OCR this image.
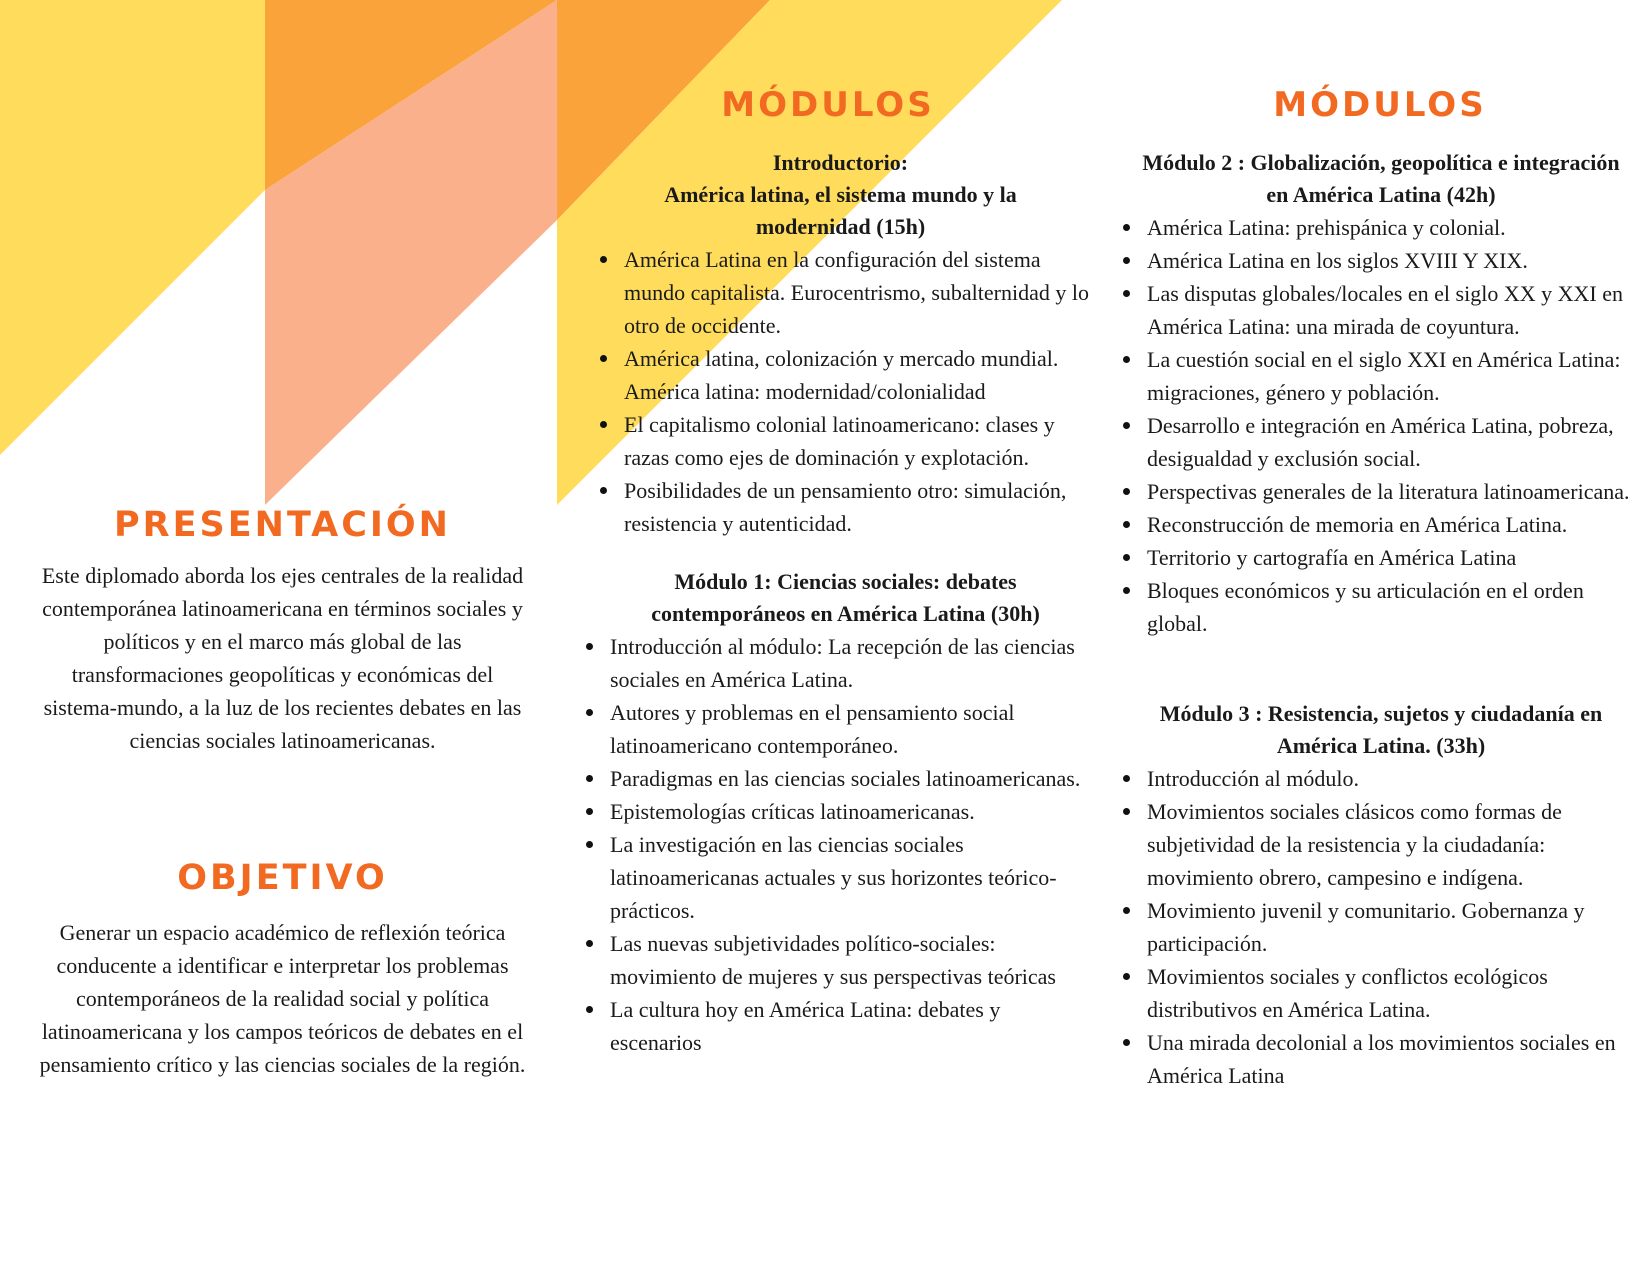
PRESENTACIÓN

Este diplomado aborda los ejes centrales de la realidad contemporánea latinoamericana en términos sociales y políticos y en el marco más global de las transformaciones geopolíticas y económicas del sistema-mundo, a la luz de los recientes debates en las ciencias sociales latinoamericanas.

OBJETIVO

Generar un espacio académico de reflexión teórica conducente a identificar e interpretar los problemas contemporáneos de la realidad social y política latinoamericana y los campos teóricos de debates en el pensamiento crítico y las ciencias sociales de la región.

MÓDULOS

Introductorio:

América latina, el sistema mundo y la modernidad (15h)

América Latina en la configuración del sistema mundo capitalista. Eurocentrismo, subalternidad y lo otro de occidente.
América latina, colonización y mercado mundial. América latina: modernidad/colonialidad
El capitalismo colonial latinoamericano: clases y razas como ejes de dominación y explotación.
Posibilidades de un pensamiento otro: simulación, resistencia y autenticidad.

Módulo 1: Ciencias sociales: debates contemporáneos en América Latina (30h)

Introducción al módulo: La recepción de las ciencias sociales en América Latina.
Autores y problemas en el pensamiento social latinoamericano contemporáneo.
Paradigmas en las ciencias sociales latinoamericanas.
Epistemologías críticas latinoamericanas.
La investigación en las ciencias sociales latinoamericanas actuales y sus horizontes teórico-prácticos.
Las nuevas subjetividades político-sociales: movimiento de mujeres y sus perspectivas teóricas
La cultura hoy en América Latina: debates y escenarios
MÓDULOS

Módulo 2 : Globalización, geopolítica e integración en América Latina (42h)

América Latina: prehispánica y colonial.
América Latina en los siglos XVIII Y XIX.
Las disputas globales/locales en el siglo XX y XXI en América Latina: una mirada de coyuntura.
La cuestión social en el siglo XXI en América Latina: migraciones, género y población.
Desarrollo e integración en América Latina, pobreza, desigualdad y exclusión social.
Perspectivas generales de la literatura latinoamericana.
Reconstrucción de memoria en América Latina.
Territorio y cartografía en América Latina
Bloques económicos y su articulación en el orden global.

Módulo 3 : Resistencia, sujetos y ciudadanía en América Latina. (33h)

Introducción al módulo.
Movimientos sociales clásicos como formas de subjetividad de la resistencia y la ciudadanía: movimiento obrero, campesino e indígena.
Movimiento juvenil y comunitario. Gobernanza y participación.
Movimientos sociales y conflictos ecológicos distributivos en América Latina.
Una mirada decolonial a los movimientos sociales en América Latina
